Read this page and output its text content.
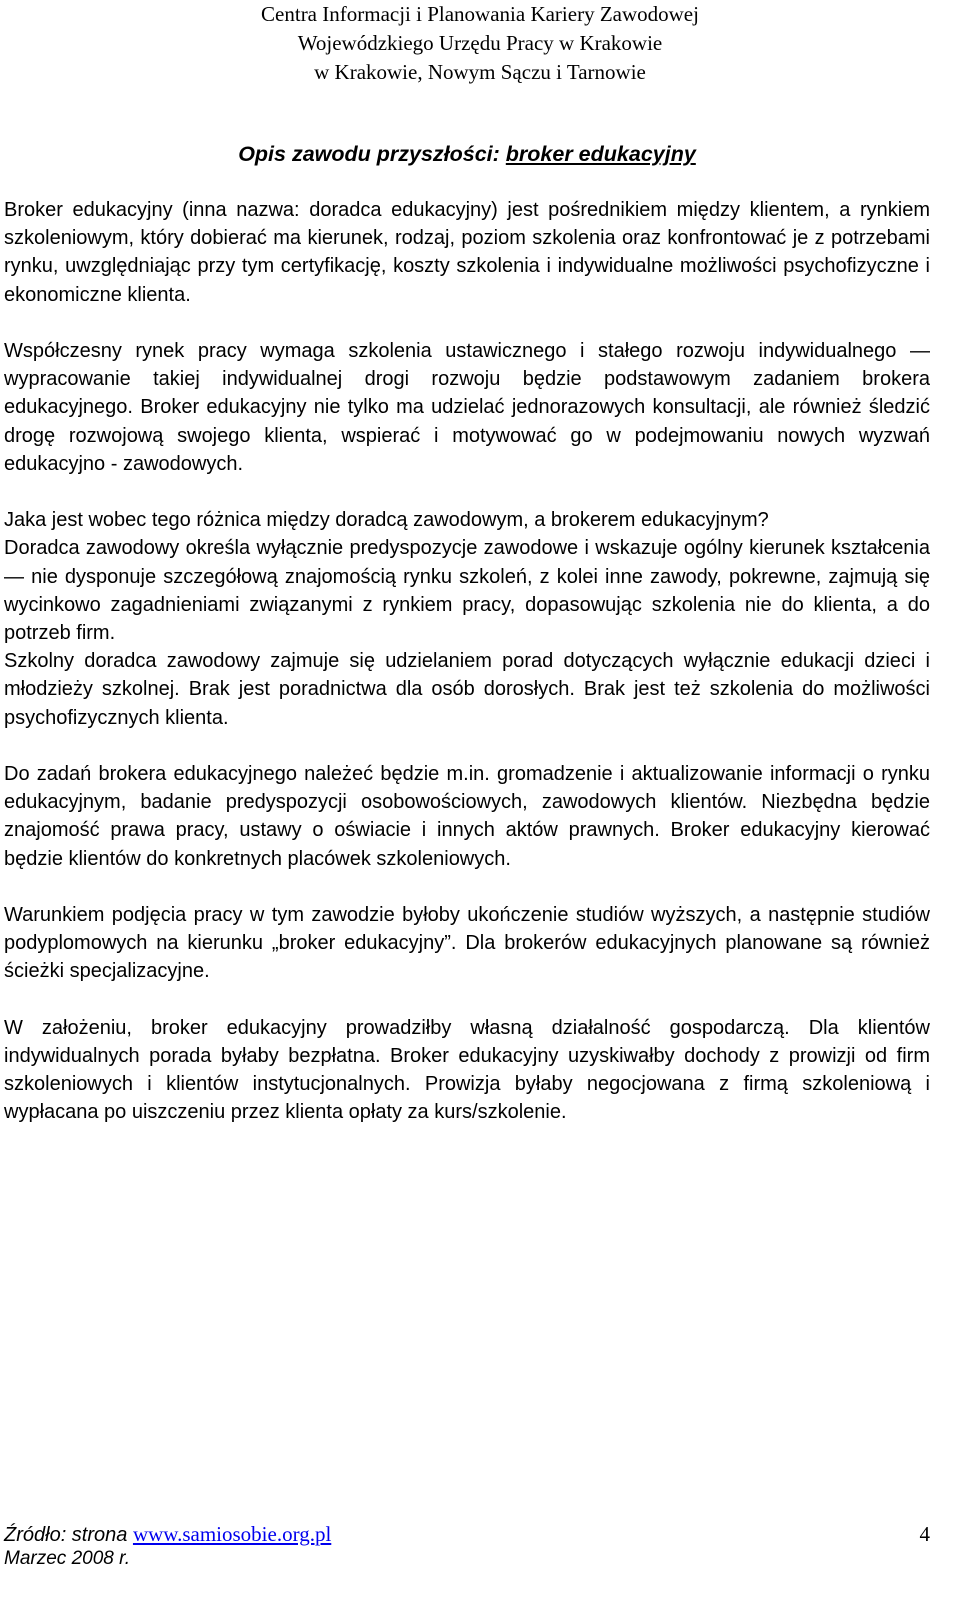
Centra Informacji i Planowania Kariery Zawodowej
Wojewódzkiego Urzędu Pracy w Krakowie
w Krakowie, Nowym Sączu i Tarnowie
Opis zawodu przyszłości: broker edukacyjny

Broker edukacyjny (inna nazwa: doradca edukacyjny) jest pośrednikiem między klientem, a rynkiem szkoleniowym, który dobierać ma kierunek, rodzaj, poziom szkolenia oraz konfrontować je z potrzebami rynku, uwzględniając przy tym certyfikację, koszty szkolenia i indywidualne możliwości psychofizyczne i ekonomiczne klienta.

Współczesny rynek pracy wymaga szkolenia ustawicznego i stałego rozwoju indywidualnego — wypracowanie takiej indywidualnej drogi rozwoju będzie podstawowym zadaniem brokera edukacyjnego. Broker edukacyjny nie tylko ma udzielać jednorazowych konsultacji, ale również śledzić drogę rozwojową swojego klienta, wspierać i motywować go w podejmowaniu nowych wyzwań edukacyjno - zawodowych.

Jaka jest wobec tego różnica między doradcą zawodowym, a brokerem edukacyjnym?

Doradca zawodowy określa wyłącznie predyspozycje zawodowe i wskazuje ogólny kierunek kształcenia — nie dysponuje szczegółową znajomością rynku szkoleń, z kolei inne zawody, pokrewne, zajmują się wycinkowo zagadnieniami związanymi z rynkiem pracy, dopasowując szkolenia nie do klienta, a do potrzeb firm.

Szkolny doradca zawodowy zajmuje się udzielaniem porad dotyczących wyłącznie edukacji dzieci i młodzieży szkolnej. Brak jest poradnictwa dla osób dorosłych. Brak jest też szkolenia do możliwości psychofizycznych klienta.

Do zadań brokera edukacyjnego należeć będzie m.in. gromadzenie i aktualizowanie informacji o rynku edukacyjnym, badanie predyspozycji osobowościowych, zawodowych klientów. Niezbędna będzie znajomość prawa pracy, ustawy o oświacie i innych aktów prawnych. Broker edukacyjny kierować będzie klientów do konkretnych placówek szkoleniowych.

Warunkiem podjęcia pracy w tym zawodzie byłoby ukończenie studiów wyższych, a następnie studiów podyplomowych na kierunku „broker edukacyjny”. Dla brokerów edukacyjnych planowane są również ścieżki specjalizacyjne.

W założeniu, broker edukacyjny prowadziłby własną działalność gospodarczą. Dla klientów indywidualnych porada byłaby bezpłatna. Broker edukacyjny uzyskiwałby dochody z prowizji od firm szkoleniowych i klientów instytucjonalnych. Prowizja byłaby negocjowana z firmą szkoleniową i wypłacana po uiszczeniu przez klienta opłaty za kurs/szkolenie.

Źródło: strona www.samiosobie.org.pl	4
Marzec 2008 r.
